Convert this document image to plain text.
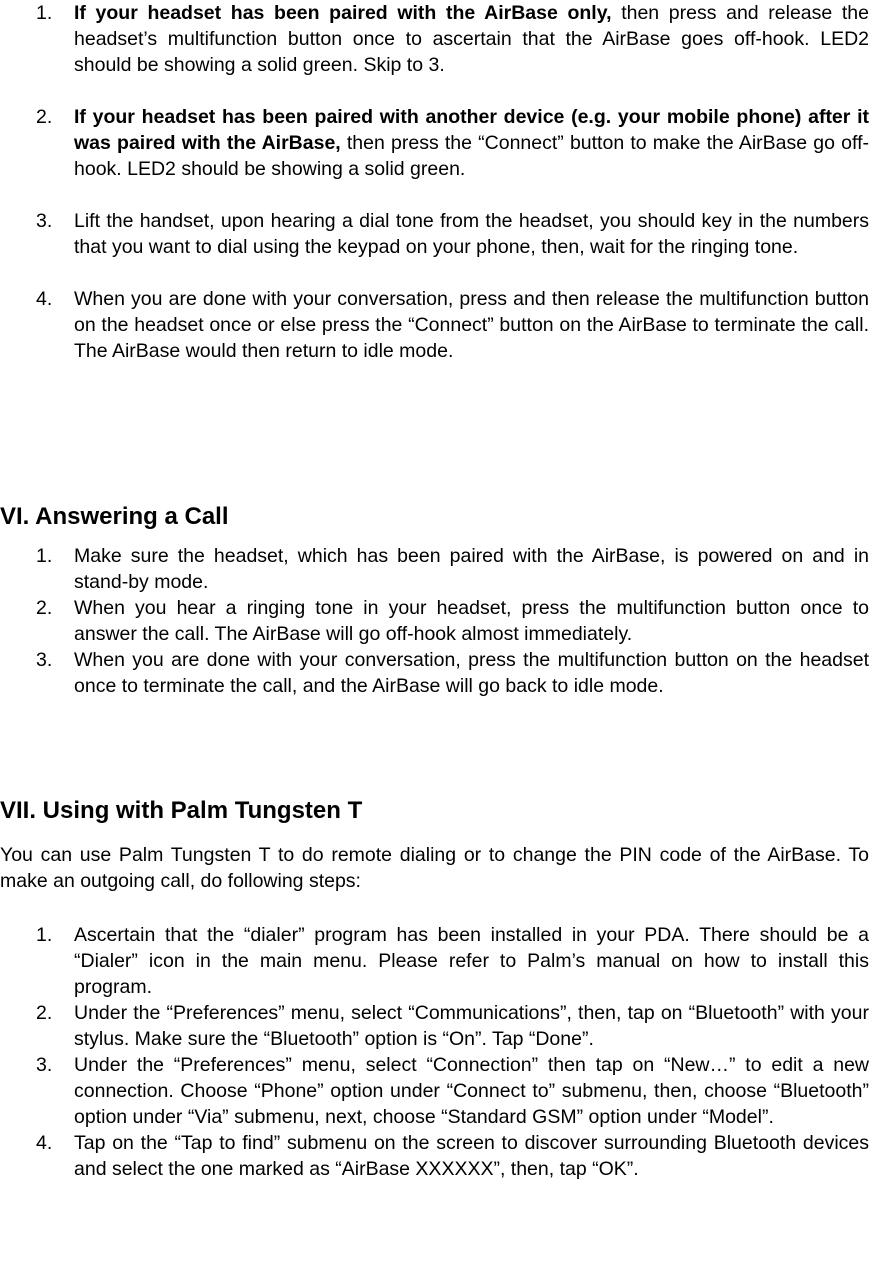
1. If your headset has been paired with the AirBase only, then press and release the headset’s multifunction button once to ascertain that the AirBase goes off-hook. LED2 should be showing a solid green. Skip to 3.
2. If your headset has been paired with another device (e.g. your mobile phone) after it was paired with the AirBase, then press the “Connect” button to make the AirBase go off-hook. LED2 should be showing a solid green.
3. Lift the handset, upon hearing a dial tone from the headset, you should key in the numbers that you want to dial using the keypad on your phone, then, wait for the ringing tone.
4. When you are done with your conversation, press and then release the multifunction button on the headset once or else press the “Connect” button on the AirBase to terminate the call. The AirBase would then return to idle mode.
VI. Answering a Call
1. Make sure the headset, which has been paired with the AirBase, is powered on and in stand-by mode.
2. When you hear a ringing tone in your headset, press the multifunction button once to answer the call. The AirBase will go off-hook almost immediately.
3. When you are done with your conversation, press the multifunction button on the headset once to terminate the call, and the AirBase will go back to idle mode.
VII. Using with Palm Tungsten T

You can use Palm Tungsten T to do remote dialing or to change the PIN code of the AirBase. To make an outgoing call, do following steps:

1. Ascertain that the “dialer” program has been installed in your PDA. There should be a “Dialer” icon in the main menu. Please refer to Palm’s manual on how to install this program.
2. Under the “Preferences” menu, select “Communications”, then, tap on “Bluetooth” with your stylus. Make sure the “Bluetooth” option is “On”. Tap “Done”.
3. Under the “Preferences” menu, select “Connection” then tap on “New…” to edit a new connection. Choose “Phone” option under “Connect to” submenu, then, choose “Bluetooth” option under “Via” submenu, next, choose “Standard GSM” option under “Model”.
4. Tap on the “Tap to find” submenu on the screen to discover surrounding Bluetooth devices and select the one marked as “AirBase XXXXXX”, then, tap “OK”.
